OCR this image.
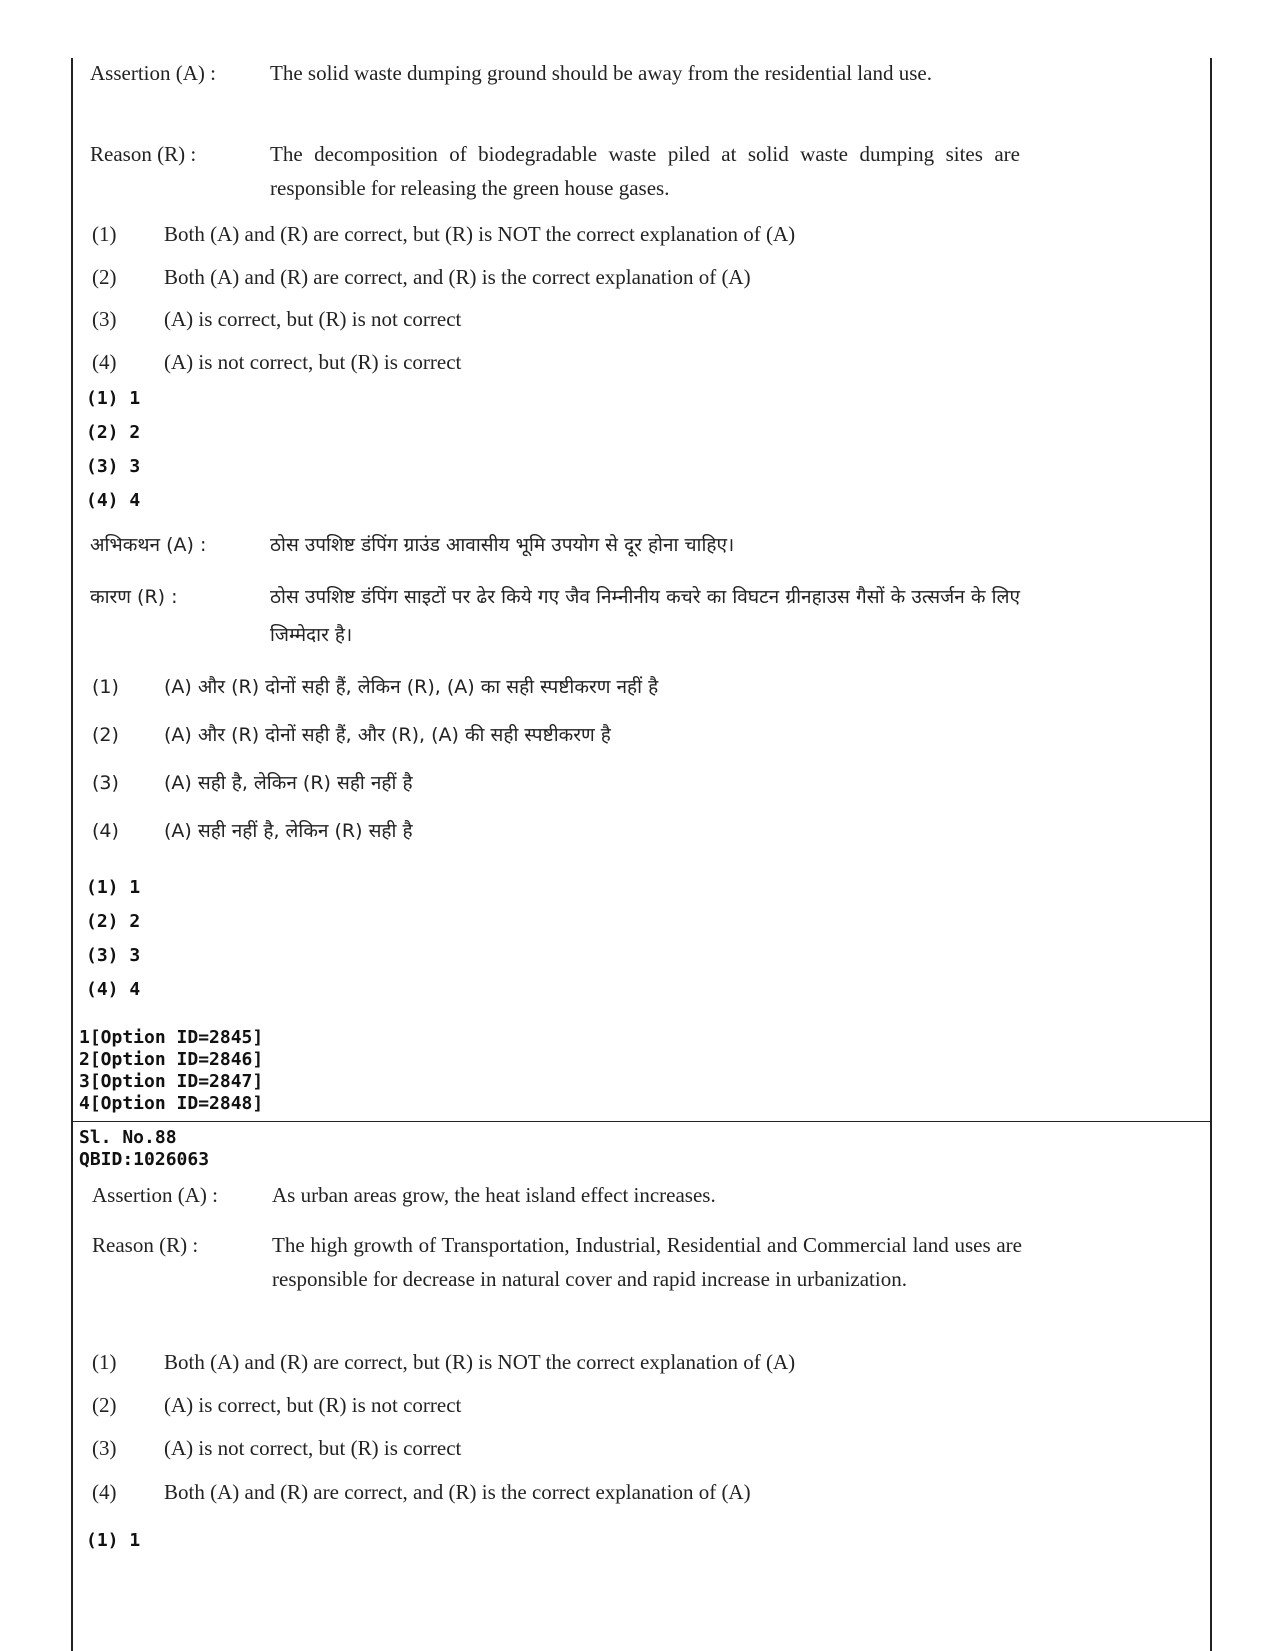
Assertion (A) :	The solid waste dumping ground should be away from the residential land use.
Reason (R) :	The decomposition of biodegradable waste piled at solid waste dumping sites are responsible for releasing the green house gases.
(1) Both (A) and (R) are correct, but (R) is NOT the correct explanation of (A)
(2) Both (A) and (R) are correct, and (R) is the correct explanation of (A)
(3) (A) is correct, but (R) is not correct
(4) (A) is not correct, but (R) is correct
(1) 1
(2) 2
(3) 3
(4) 4
अभिकथन (A) :	ठोस उपशिष्ट डंपिंग ग्राउंड आवासीय भूमि उपयोग से दूर होना चाहिए।
कारण (R) :	ठोस उपशिष्ट डंपिंग साइटों पर ढेर किये गए जैव निम्नीनीय कचरे का विघटन ग्रीनहाउस गैसों के उत्सर्जन के लिए जिम्मेदार है।
(1) (A) और (R) दोनों सही हैं, लेकिन (R), (A) का सही स्पष्टीकरण नहीं है
(2) (A) और (R) दोनों सही हैं, और (R), (A) की सही स्पष्टीकरण है
(3) (A) सही है, लेकिन (R) सही नहीं है
(4) (A) सही नहीं है, लेकिन (R) सही है
(1) 1
(2) 2
(3) 3
(4) 4
1[Option ID=2845]
2[Option ID=2846]
3[Option ID=2847]
4[Option ID=2848]
Sl. No.88
QBID:1026063
Assertion (A) :	As urban areas grow, the heat island effect increases.
Reason (R) :	The high growth of Transportation, Industrial, Residential and Commercial land uses are responsible for decrease in natural cover and rapid increase in urbanization.
(1) Both (A) and (R) are correct, but (R) is NOT the correct explanation of (A)
(2) (A) is correct, but (R) is not correct
(3) (A) is not correct, but (R) is correct
(4) Both (A) and (R) are correct, and (R) is the correct explanation of (A)
(1) 1
